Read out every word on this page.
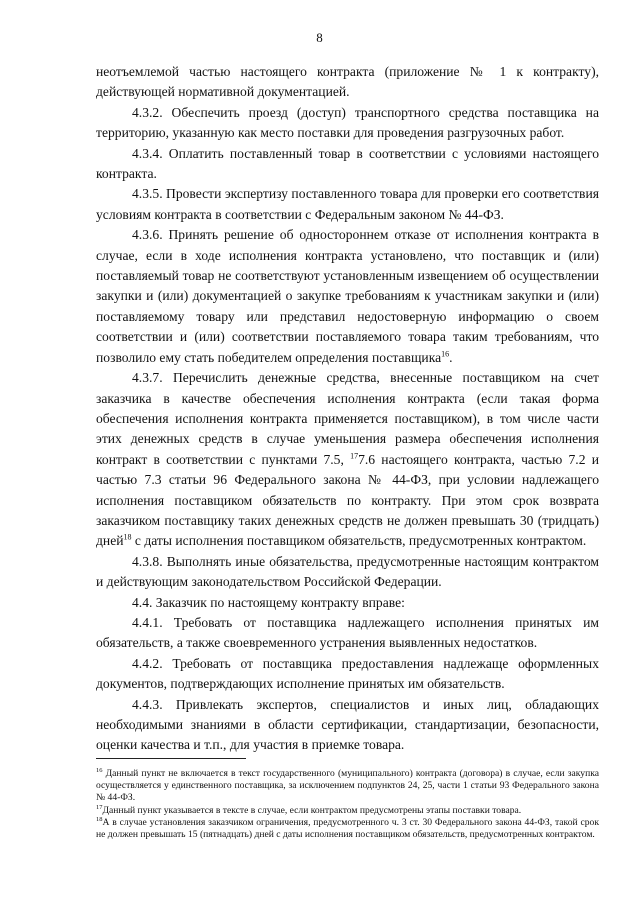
8

неотъемлемой частью настоящего контракта (приложение № 1 к контракту), действующей нормативной документацией.

4.3.2. Обеспечить проезд (доступ) транспортного средства поставщика на территорию, указанную как место поставки для проведения разгрузочных работ.

4.3.4. Оплатить поставленный товар в соответствии с условиями настоящего контракта.

4.3.5. Провести экспертизу поставленного товара для проверки его соответствия условиям контракта в соответствии с Федеральным законом № 44-ФЗ.

4.3.6. Принять решение об одностороннем отказе от исполнения контракта в случае, если в ходе исполнения контракта установлено, что поставщик и (или) поставляемый товар не соответствуют установленным извещением об осуществлении закупки и (или) документацией о закупке требованиям к участникам закупки и (или) поставляемому товару или представил недостоверную информацию о своем соответствии и (или) соответствии поставляемого товара таким требованиям, что позволило ему стать победителем определения поставщика$^{16}$.

4.3.7. Перечислить денежные средства, внесенные поставщиком на счет заказчика в качестве обеспечения исполнения контракта (если такая форма обеспечения исполнения контракта применяется поставщиком), в том числе части этих денежных средств в случае уменьшения размера обеспечения исполнения контракт в соответствии с пунктами 7.5, $^{17}$7.6 настоящего контракта, частью 7.2 и частью 7.3 статьи 96 Федерального закона № 44-ФЗ, при условии надлежащего исполнения поставщиком обязательств по контракту. При этом срок возврата заказчиком поставщику таких денежных средств не должен превышать 30 (тридцать) дней$^{18}$ с даты исполнения поставщиком обязательств, предусмотренных контрактом.

4.3.8. Выполнять иные обязательства, предусмотренные настоящим контрактом и действующим законодательством Российской Федерации.

4.4. Заказчик по настоящему контракту вправе:

4.4.1. Требовать от поставщика надлежащего исполнения принятых им обязательств, а также своевременного устранения выявленных недостатков.

4.4.2. Требовать от поставщика предоставления надлежаще оформленных документов, подтверждающих исполнение принятых им обязательств.

4.4.3. Привлекать экспертов, специалистов и иных лиц, обладающих необходимыми знаниями в области сертификации, стандартизации, безопасности, оценки качества и т.п., для участия в приемке товара.

$^{16}$ Данный пункт не включается в текст государственного (муниципального) контракта (договора) в случае, если закупка осуществляется у единственного поставщика, за исключением подпунктов 24, 25, части 1 статьи 93 Федерального закона № 44-ФЗ.

$^{17}$Данный пункт указывается в тексте в случае, если контрактом предусмотрены этапы поставки товара.

$^{18}$А в случае установления заказчиком ограничения, предусмотренного ч. 3 ст. 30 Федерального закона 44-ФЗ, такой срок не должен превышать 15 (пятнадцать) дней с даты исполнения поставщиком обязательств, предусмотренных контрактом.
